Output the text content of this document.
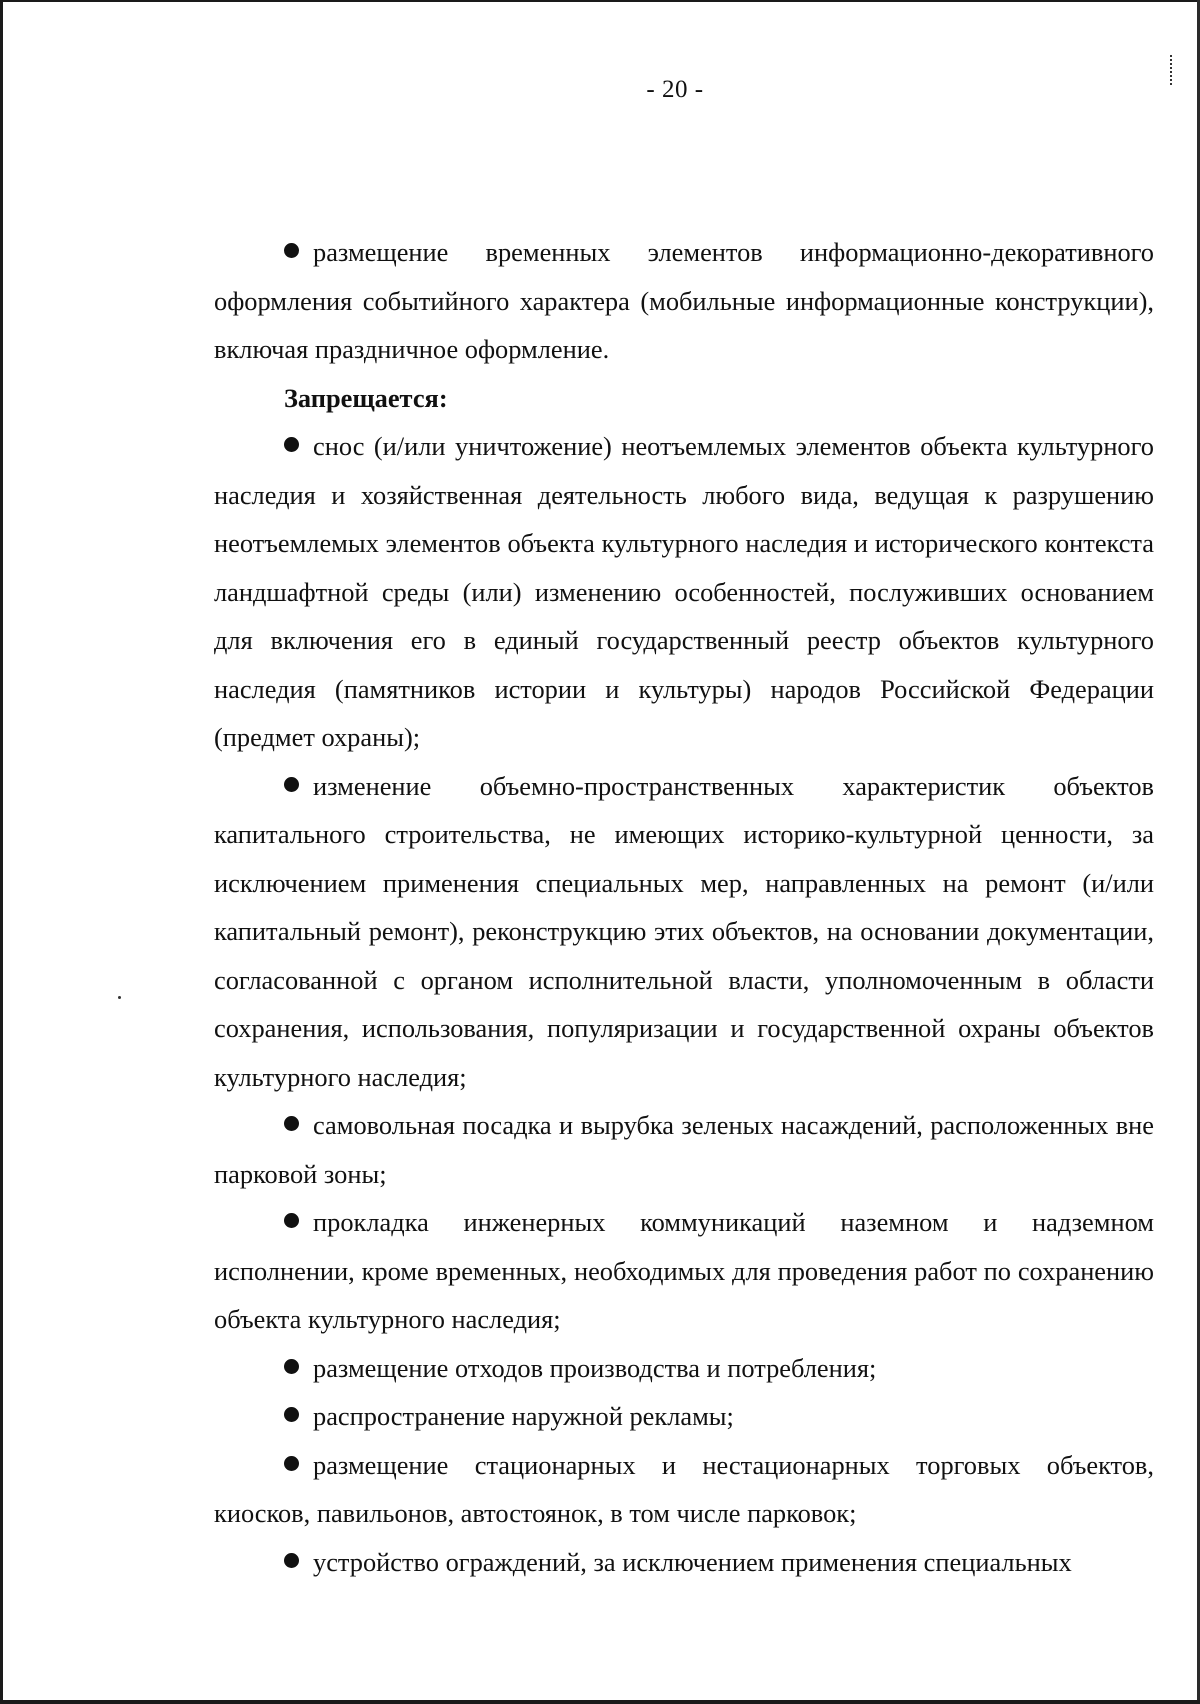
- 20 -

размещение временных элементов информационно-декоративного оформления событийного характера (мобильные информационные конструкции), включая праздничное оформление.

Запрещается:

снос (и/или уничтожение) неотъемлемых элементов объекта культурного наследия и хозяйственная деятельность любого вида, ведущая к разрушению неотъемлемых элементов объекта культурного наследия и исторического контекста ландшафтной среды (или) изменению особенностей, послуживших основанием для включения его в единый государственный реестр объектов культурного наследия (памятников истории и культуры) народов Российской Федерации (предмет охраны);

изменение объемно-пространственных характеристик объектов капитального строительства, не имеющих историко-культурной ценности, за исключением применения специальных мер, направленных на ремонт (и/или капитальный ремонт), реконструкцию этих объектов, на основании документации, согласованной с органом исполнительной власти, уполномоченным в области сохранения, использования, популяризации и государственной охраны объектов культурного наследия;

самовольная посадка и вырубка зеленых насаждений, расположенных вне парковой зоны;

прокладка инженерных коммуникаций наземном и надземном исполнении, кроме временных, необходимых для проведения работ по сохранению объекта культурного наследия;

размещение отходов производства и потребления;

распространение наружной рекламы;

размещение стационарных и нестационарных торговых объектов, киосков, павильонов, автостоянок, в том числе парковок;

устройство ограждений, за исключением применения специальных
